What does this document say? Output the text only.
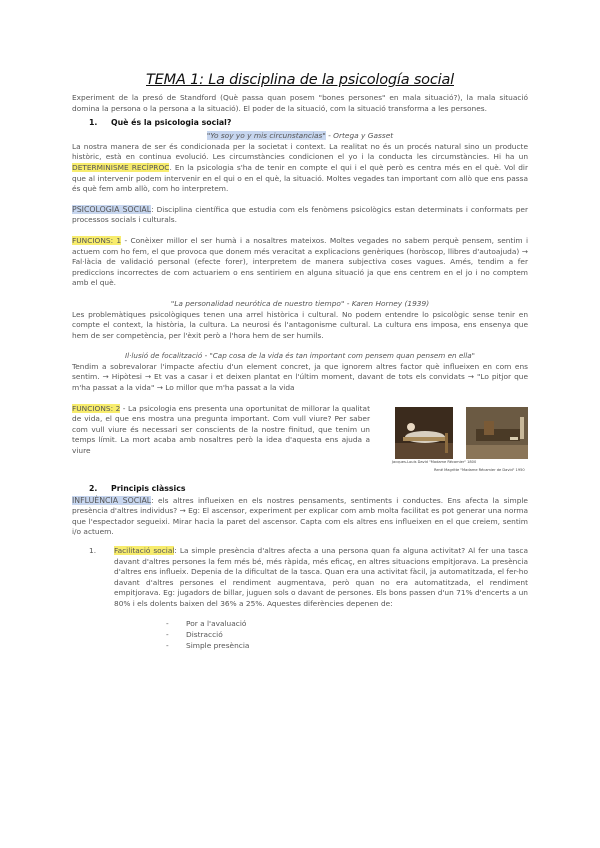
TEMA 1: La disciplina de la psicología social

Experiment de la presó de Standford (Què passa quan posem "bones persones" en mala situació?), la mala situació domina la persona o la persona a la situació). El poder de la situació, com la situació transforma a les persones.

1. Què és la psicologia social?
"Yo soy yo y mis circunstancias" - Ortega y Gasset

La nostra manera de ser és condicionada per la societat i context. La realitat no és un procés natural sino un producte històric, està en continua evolució. Les circumstàncies condicionen el yo i la conducta les circumstàncies. Hi ha un DETERMINISME RECÍPROC. En la psicologia s'ha de tenir en compte el qui i el què però es centra més en el què. Vol dir que al intervenir podem intervenir en el qui o en el què, la situació. Moltes vegades tan important com allò que ens passa és què fem amb allò, com ho interpretem.

PSICOLOGIA SOCIAL: Disciplina científica que estudia com els fenòmens psicològics estan determinats i conformats per processos socials i culturals.

FUNCIONS: 1 - Conèixer millor el ser humà i a nosaltres mateixos. Moltes vegades no sabem perquè pensem, sentim i actuem com ho fem, el que provoca que donem més veracitat a explicacions genèriques (horòscop, llibres d'autoajuda) → Fal·làcia de validació personal (efecte forer), interpretem de manera subjectiva coses vagues. Amés, tendim a fer prediccions incorrectes de com actuariem o ens sentiriem en alguna situació ja que ens centrem en el jo i no comptem amb el què.

"La personalidad neurótica de nuestro tiempo" - Karen Horney (1939)

Les problemàtiques psicològiques tenen una arrel històrica i cultural. No podem entendre lo psicològic sense tenir en compte el context, la història, la cultura. La neurosi és l'antagonisme cultural. La cultura ens imposa, ens ensenya que hem de ser competència, per l'èxit però a l'hora hem de ser humils.

Il·lusió de focalització - "Cap cosa de la vida és tan important com pensem quan pensem en ella"

Tendim a sobrevalorar l'impacte afectiu d'un element concret, ja que ignorem altres factor què influeixen en com ens sentim. → Hipòtesi → Et vas a casar i et deixen plantat en l'últim moment, davant de tots els convidats → "Lo pitjor que m'ha passat a la vida" → Lo millor que m'ha passat a la vida

FUNCIONS: 2 - La psicologia ens presenta una oportunitat de millorar la qualitat de vida, el que ens mostra una pregunta important. Com vull viure? Per saber com vull viure és necessari ser conscients de la nostre finitud, que tenim un temps límit. La mort acaba amb nosaltres però la idea d'aquesta ens ajuda a viure

Jacques-Louis David "Madame Récamier" 1800
René Magritte "Madame Récamier de David" 1950
2. Principis clàssics

INFLUÈNCIA SOCIAL: els altres influeixen en els nostres pensaments, sentiments i conductes. Ens afecta la simple presència d'altres individus? → Eg: El ascensor, experiment per explicar com amb molta facilitat es pot generar una norma que l'espectador segueixi. Mirar hacia la paret del ascensor. Capta com els altres ens influeixen en el que creiem, sentim i/o actuem.

1.	Facilitació social: La simple presència d'altres afecta a una persona quan fa alguna activitat? Al fer una tasca davant d'altres persones la fem més bé, més ràpida, més eficaç, en altres situacions empitjorava. La presència d'altres ens influeix. Depenia de la dificultat de la tasca. Quan era una activitat fàcil, ja automatitzada, el fer-ho davant d'altres persones el rendiment augmentava, però quan no era automatitzada, el rendiment empitjorava. Eg: jugadors de billar, juguen sols o davant de persones. Els bons passen d'un 71% d'encerts a un 80% i els dolents baixen del 36% a 25%. Aquestes diferències depenen de:

- Por a l'avaluació
- Distracció
- Simple presència
